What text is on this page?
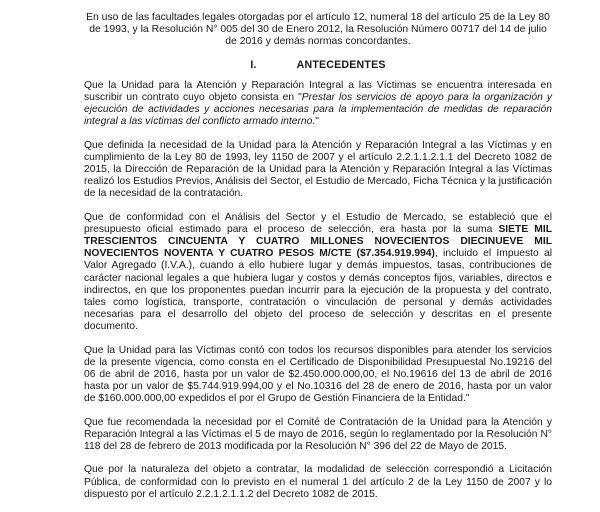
En uso de las facultades legales otorgadas por el artículo 12, numeral 18 del artículo 25 de la Ley 80 de 1993, y la Resolución N° 005 del 30 de Enero 2012, la Resolución Número 00717 del 14 de julio de 2016 y demás normas concordantes.
I.	ANTECEDENTES

Que la Unidad para la Atención y Reparación Integral a las Víctimas se encuentra interesada en suscribir un contrato cuyo objeto consista en "Prestar los servicios de apoyo para la organización y ejecución de actividades y acciones necesarias para la implementación de medidas de reparación integral a las víctimas del conflicto armado interno."

Que definida la necesidad de la Unidad para la Atención y Reparación Integral a las Víctimas y en cumplimiento de la Ley 80 de 1993, ley 1150 de 2007 y el artículo 2.2.1.1.2.1.1 del Decreto 1082 de 2015, la Dirección de Reparación de la Unidad para la Atención y Reparación Integral a las Víctimas realizó los Estudios Previos, Análisis del Sector, el Estudio de Mercado, Ficha Técnica y la justificación de la necesidad de la contratación.

Que de conformidad con el Análisis del Sector y el Estudio de Mercado, se estableció que el presupuesto oficial estimado para el proceso de selección, era hasta por la suma SIETE MIL TRESCIENTOS CINCUENTA Y CUATRO MILLONES NOVECIENTOS DIECINUEVE MIL NOVECIENTOS NOVENTA Y CUATRO PESOS M/CTE ($7.354.919.994), incluido el Impuesto al Valor Agregado (I.V.A.), cuando a ello hubiere lugar y demás impuestos, tasas, contribuciones de carácter nacional legales a que hubiera lugar y costos y demás conceptos fijos, variables, directos e indirectos, en que los proponentes puedan incurrir para la ejecución de la propuesta y del contrato, tales como logística, transporte, contratación o vinculación de personal y demás actividades necesarias para el desarrollo del objeto del proceso de selección y descritas en el presente documento.

Que la Unidad para las Víctimas contó con todos los recursos disponibles para atender los servicios de la presente vigencia, como consta en el Certificado de Disponibilidad Presupuestal No.19216 del 06 de abril de 2016, hasta por un valor de $2.450.000.000,00, el No.19616 del 13 de abril de 2016 hasta por un valor de $5.744.919.994,00 y el No.10316 del 28 de enero de 2016, hasta por un valor de $160.000.000,00 expedidos el por el Grupo de Gestión Financiera de la Entidad."

Que fue recomendada la necesidad por el Comité de Contratación de la Unidad para la Atención y Reparación Integral a las Víctimas el 5 de mayo de 2016, según lo reglamentado por la Resolución N° 118 del 28 de febrero de 2013 modificada por la Resolución N° 396 del 22 de Mayo de 2015.

Que por la naturaleza del objeto a contratar, la modalidad de selección correspondió a Licitación Pública, de conformidad con lo previsto en el numeral 1 del artículo 2 de la Ley 1150 de 2007 y lo dispuesto por el artículo 2.2.1.2.1.1.2 del Decreto 1082 de 2015.
